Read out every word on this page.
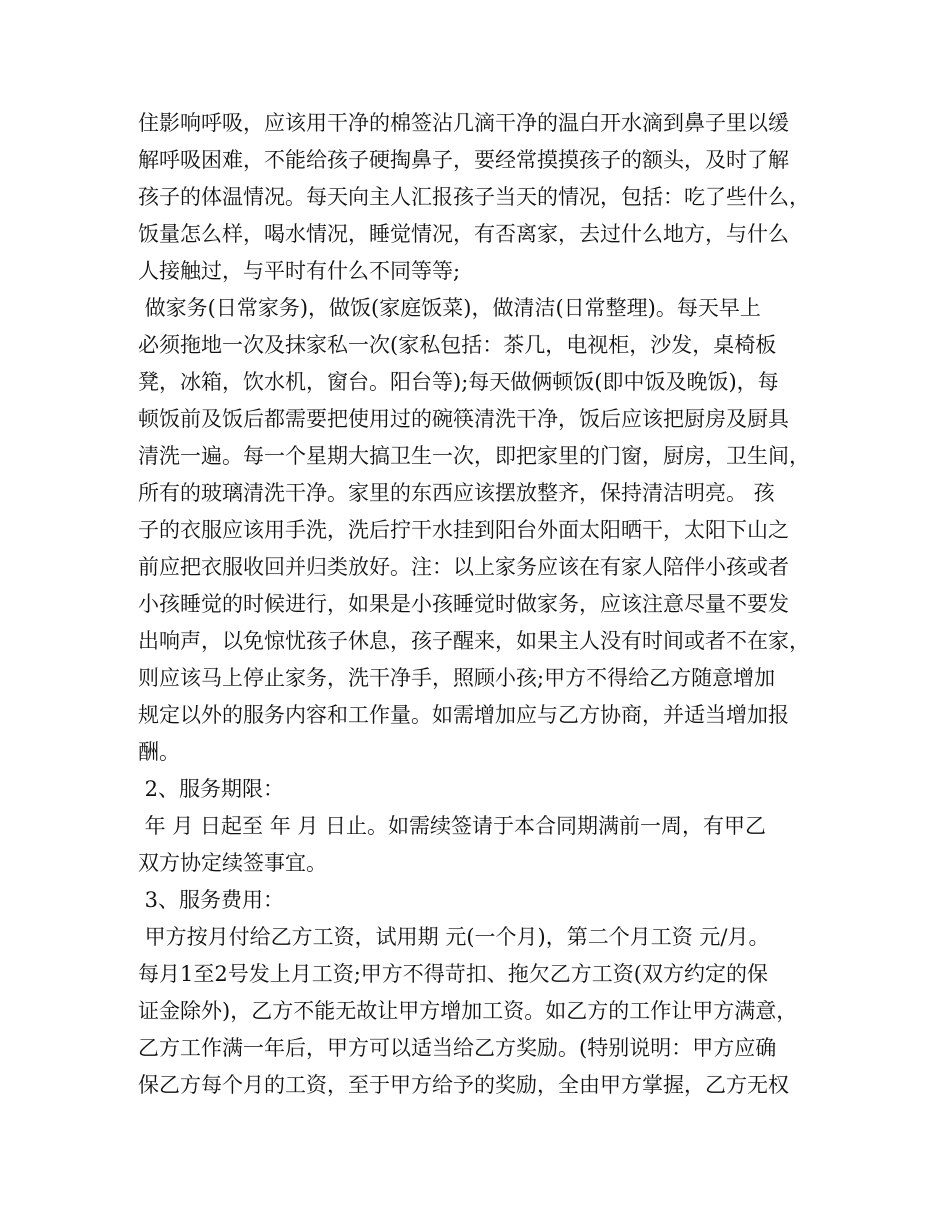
住影响呼吸，应该用干净的棉签沾几滴干净的温白开水滴到鼻子里以缓
解呼吸困难，不能给孩子硬掏鼻子，要经常摸摸孩子的额头，及时了解
孩子的体温情况。每天向主人汇报孩子当天的情况，包括：吃了些什么，
饭量怎么样，喝水情况，睡觉情况，有否离家，去过什么地方，与什么
人接触过，与平时有什么不同等等;
做家务(日常家务)，做饭(家庭饭菜)，做清洁(日常整理)。每天早上
必须拖地一次及抹家私一次(家私包括：茶几，电视柜，沙发，桌椅板
凳，冰箱，饮水机，窗台。阳台等);每天做俩顿饭(即中饭及晚饭)，每
顿饭前及饭后都需要把使用过的碗筷清洗干净，饭后应该把厨房及厨具
清洗一遍。每一个星期大搞卫生一次，即把家里的门窗，厨房，卫生间，
所有的玻璃清洗干净。家里的东西应该摆放整齐，保持清洁明亮。 孩
子的衣服应该用手洗，洗后拧干水挂到阳台外面太阳晒干，太阳下山之
前应把衣服收回并归类放好。注：以上家务应该在有家人陪伴小孩或者
小孩睡觉的时候进行，如果是小孩睡觉时做家务，应该注意尽量不要发
出响声，以免惊忧孩子休息，孩子醒来，如果主人没有时间或者不在家，
则应该马上停止家务，洗干净手，照顾小孩;甲方不得给乙方随意增加
规定以外的服务内容和工作量。如需增加应与乙方协商，并适当增加报
酬。
2、服务期限：
年 月 日起至 年 月 日止。如需续签请于本合同期满前一周，有甲乙
双方协定续签事宜。
3、服务费用：
甲方按月付给乙方工资，试用期 元(一个月)，第二个月工资 元/月。
每月1至2号发上月工资;甲方不得苛扣、拖欠乙方工资(双方约定的保
证金除外)，乙方不能无故让甲方增加工资。如乙方的工作让甲方满意，
乙方工作满一年后，甲方可以适当给乙方奖励。(特别说明：甲方应确
保乙方每个月的工资，至于甲方给予的奖励，全由甲方掌握，乙方无权
